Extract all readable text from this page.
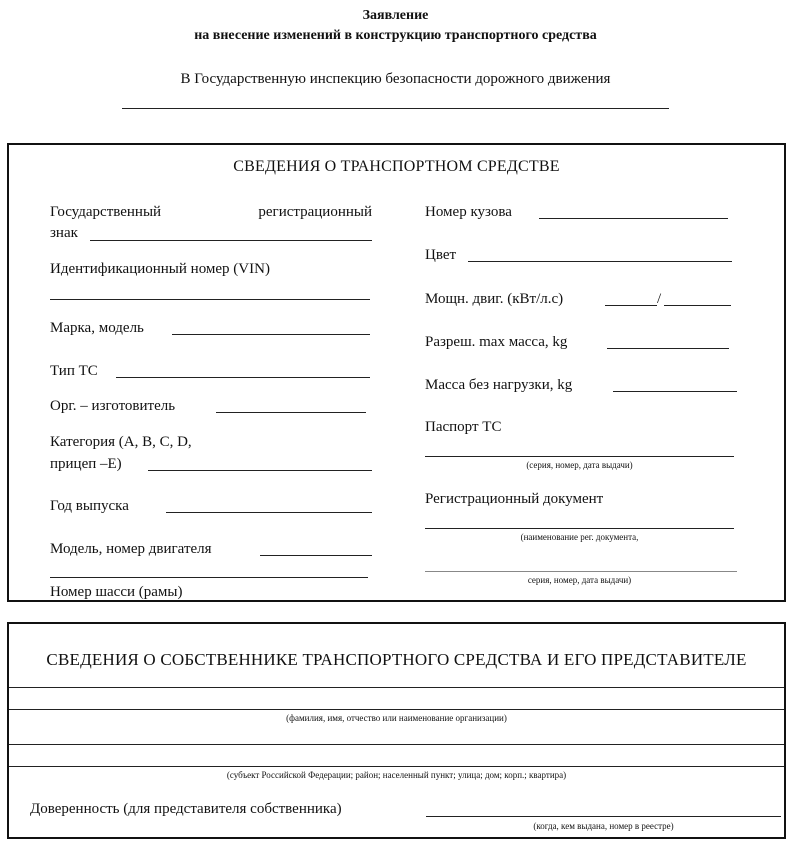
Заявление
на внесение изменений в конструкцию транспортного средства
В Государственную инспекцию безопасности дорожного движения
СВЕДЕНИЯ О ТРАНСПОРТНОМ СРЕДСТВЕ
Государственный	регистрационный
знак
Идентификационный номер (VIN)
Марка, модель
Тип ТС
Орг. – изготовитель
Категория (A, B, C, D,
прицеп –E)
Год выпуска
Модель, номер двигателя
Номер шасси (рамы)
Номер кузова
Цвет
Мощн. двиг. (кВт/л.с)	/
Разреш. max масса, kg
Масса без нагрузки, kg
Паспорт ТС
(серия, номер, дата выдачи)
Регистрационный документ
(наименование рег. документа,
серия, номер, дата выдачи)
СВЕДЕНИЯ О СОБСТВЕННИКЕ ТРАНСПОРТНОГО СРЕДСТВА И ЕГО ПРЕДСТАВИТЕЛЕ
(фамилия, имя, отчество или наименование организации)
(субъект Российской Федерации; район; населенный пункт; улица; дом; корп.; квартира)
Доверенность (для представителя собственника)
(когда, кем выдана, номер в реестре)
